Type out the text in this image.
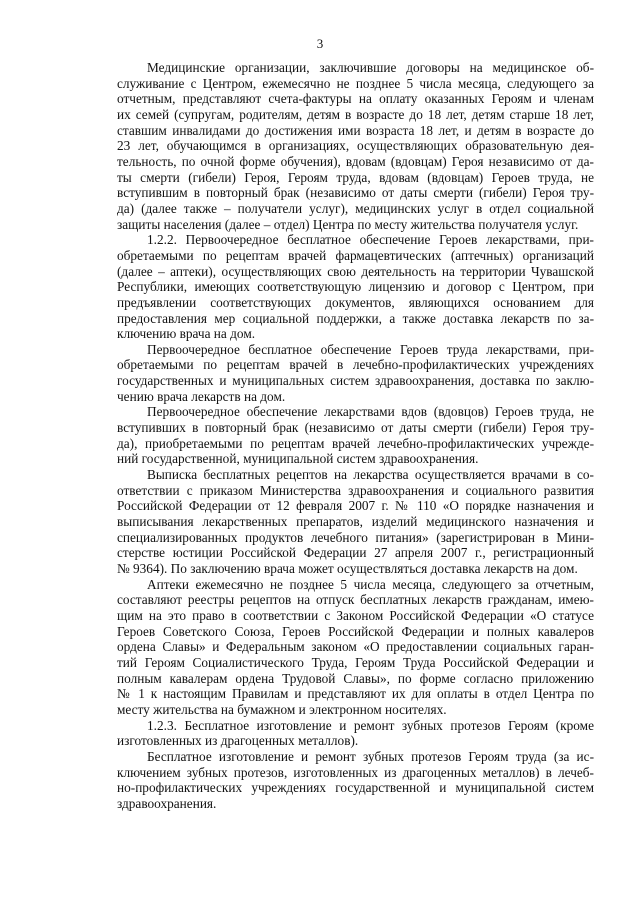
3

Медицинские организации, заключившие договоры на медицинское об-
служивание с Центром, ежемесячно не позднее 5 числа месяца, следующего за
отчетным, представляют счета-фактуры на оплату оказанных Героям и членам
их семей (супругам, родителям, детям в возрасте до 18 лет, детям старше 18 лет,
ставшим инвалидами до достижения ими возраста 18 лет, и детям в возрасте до
23 лет, обучающимся в организациях, осуществляющих образовательную дея-
тельность, по очной форме обучения), вдовам (вдовцам) Героя независимо от да-
ты смерти (гибели) Героя, Героям труда, вдовам (вдовцам) Героев труда, не
вступившим в повторный брак (независимо от даты смерти (гибели) Героя тру-
да) (далее также – получатели услуг), медицинских услуг в отдел социальной
защиты населения (далее – отдел) Центра по месту жительства получателя услуг.

1.2.2. Первоочередное бесплатное обеспечение Героев лекарствами, при-
обретаемыми по рецептам врачей фармацевтических (аптечных) организаций
(далее – аптеки), осуществляющих свою деятельность на территории Чувашской
Республики, имеющих соответствующую лицензию и договор с Центром, при
предъявлении соответствующих документов, являющихся основанием для
предоставления мер социальной поддержки, а также доставка лекарств по за-
ключению врача на дом.

Первоочередное бесплатное обеспечение Героев труда лекарствами, при-
обретаемыми по рецептам врачей в лечебно-профилактических учреждениях
государственных и муниципальных систем здравоохранения, доставка по заклю-
чению врача лекарств на дом.

Первоочередное обеспечение лекарствами вдов (вдовцов) Героев труда, не
вступивших в повторный брак (независимо от даты смерти (гибели) Героя тру-
да), приобретаемыми по рецептам врачей лечебно-профилактических учрежде-
ний государственной, муниципальной систем здравоохранения.

Выписка бесплатных рецептов на лекарства осуществляется врачами в со-
ответствии с приказом Министерства здравоохранения и социального развития
Российской Федерации от 12 февраля 2007 г. № 110 «О порядке назначения и
выписывания лекарственных препаратов, изделий медицинского назначения и
специализированных продуктов лечебного питания» (зарегистрирован в Мини-
стерстве юстиции Российской Федерации 27 апреля 2007 г., регистрационный
№ 9364). По заключению врача может осуществляться доставка лекарств на дом.

Аптеки ежемесячно не позднее 5 числа месяца, следующего за отчетным,
составляют реестры рецептов на отпуск бесплатных лекарств гражданам, имею-
щим на это право в соответствии с Законом Российской Федерации «О статусе
Героев Советского Союза, Героев Российской Федерации и полных кавалеров
ордена Славы» и Федеральным законом «О предоставлении социальных гаран-
тий Героям Социалистического Труда, Героям Труда Российской Федерации и
полным кавалерам ордена Трудовой Славы», по форме согласно приложению
№ 1 к настоящим Правилам и представляют их для оплаты в отдел Центра по
месту жительства на бумажном и электронном носителях.

1.2.3. Бесплатное изготовление и ремонт зубных протезов Героям (кроме
изготовленных из драгоценных металлов).

Бесплатное изготовление и ремонт зубных протезов Героям труда (за ис-
ключением зубных протезов, изготовленных из драгоценных металлов) в лечеб-
но-профилактических учреждениях государственной и муниципальной систем
здравоохранения.
